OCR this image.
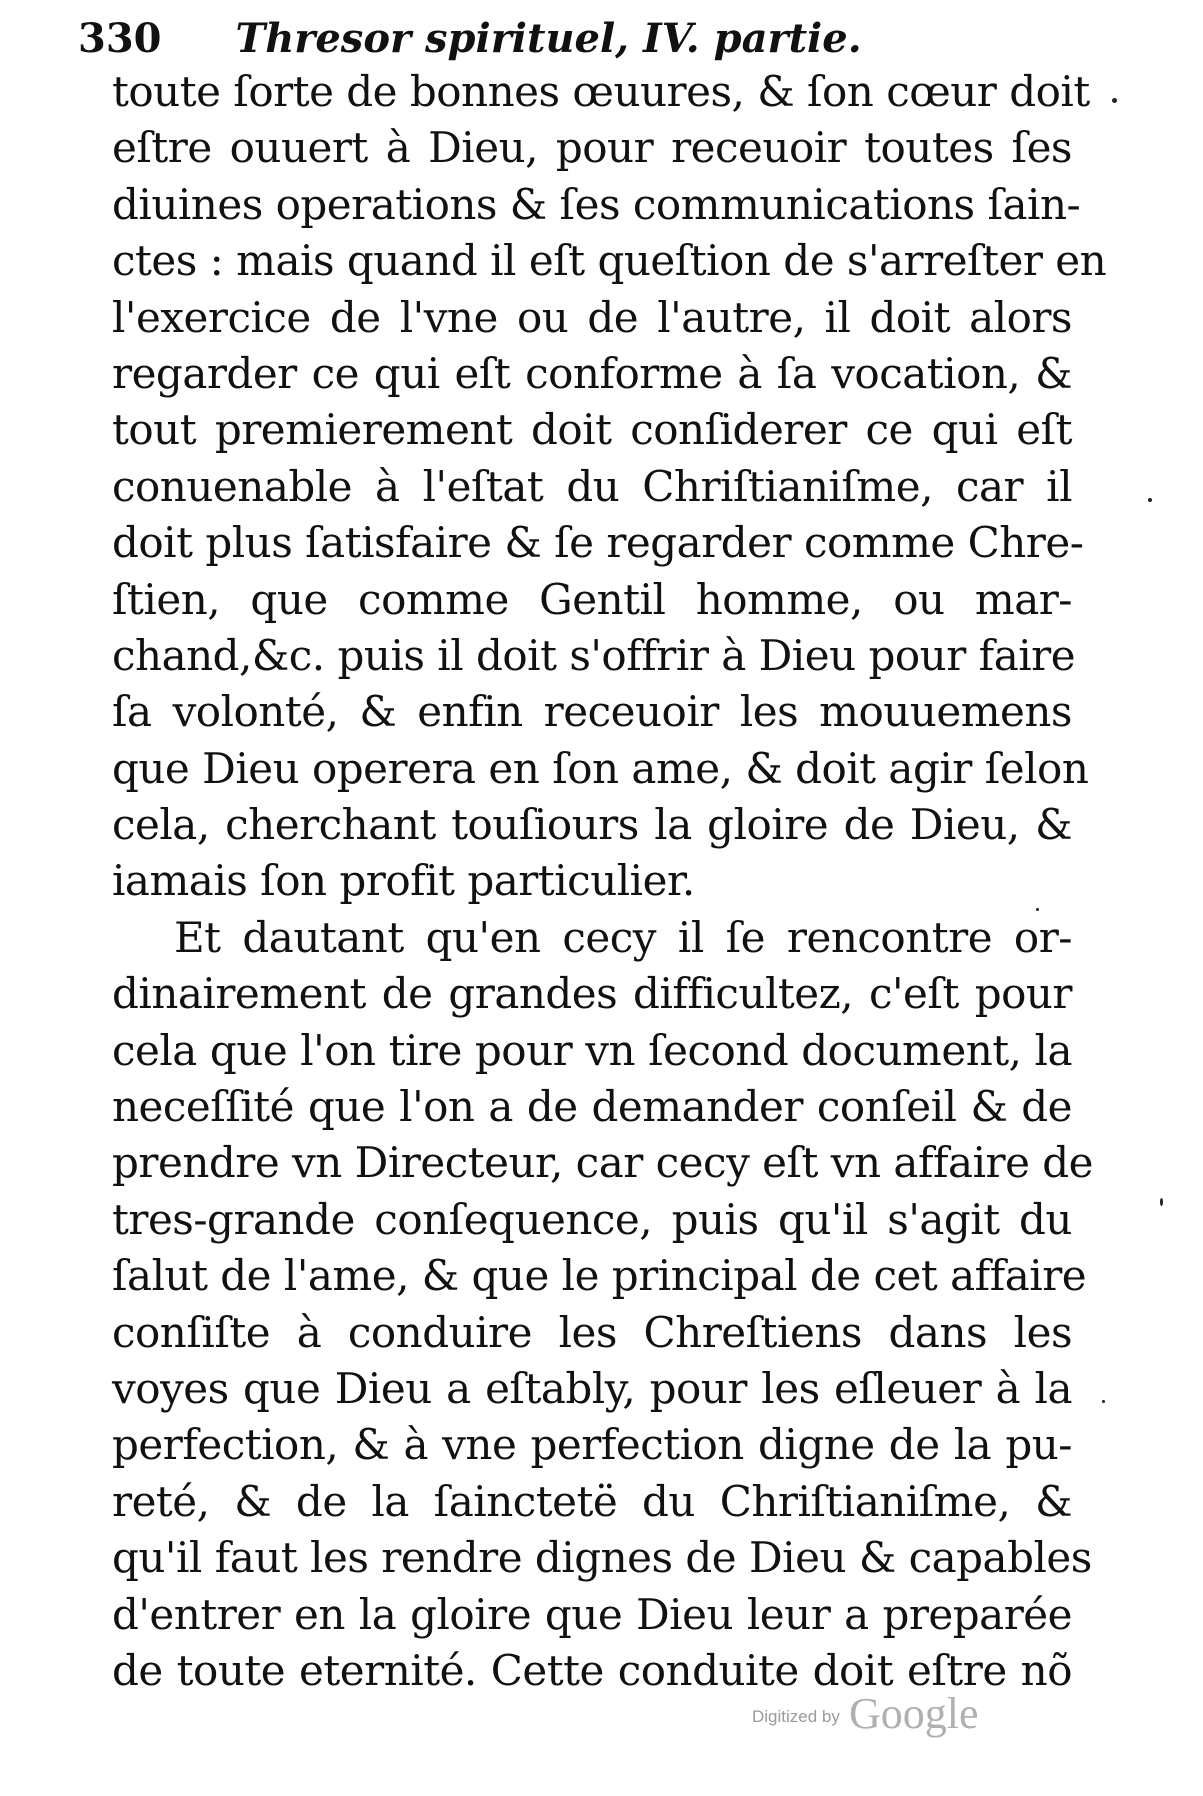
330 Thresor spirituel, IV. partie.
toute ſorte de bonnes œuures, & ſon cœur doit
eſtre ouuert à Dieu, pour receuoir toutes ſes
diuines operations & ſes communications ſain-
ctes : mais quand il eſt queſtion de s'arreſter en
l'exercice de l'vne ou de l'autre, il doit alors
regarder ce qui eſt conforme à ſa vocation, &
tout premierement doit conſiderer ce qui eſt
conuenable à l'eſtat du Chriſtianiſme, car il
doit plus ſatisfaire & ſe regarder comme Chre-
ſtien, que comme Gentil homme, ou mar-
chand,&c. puis il doit s'offrir à Dieu pour faire
ſa volonté, & enfin receuoir les mouuemens
que Dieu operera en ſon ame, & doit agir ſelon
cela, cherchant touſiours la gloire de Dieu, &
iamais ſon profit particulier.
Et dautant qu'en cecy il ſe rencontre or-
dinairement de grandes difficultez, c'eſt pour
cela que l'on tire pour vn ſecond document, la
neceſſité que l'on a de demander conſeil & de
prendre vn Directeur, car cecy eſt vn affaire de
tres-grande conſequence, puis qu'il s'agit du
ſalut de l'ame, & que le principal de cet affaire
conſiſte à conduire les Chreſtiens dans les
voyes que Dieu a eſtably, pour les eſleuer à la
perfection, & à vne perfection digne de la pu-
reté, & de la ſainctetë du Chriſtianiſme, &
qu'il faut les rendre dignes de Dieu & capables
d'entrer en la gloire que Dieu leur a preparée
de toute eternité. Cette conduite doit eſtre nõ
Digitized by Google
